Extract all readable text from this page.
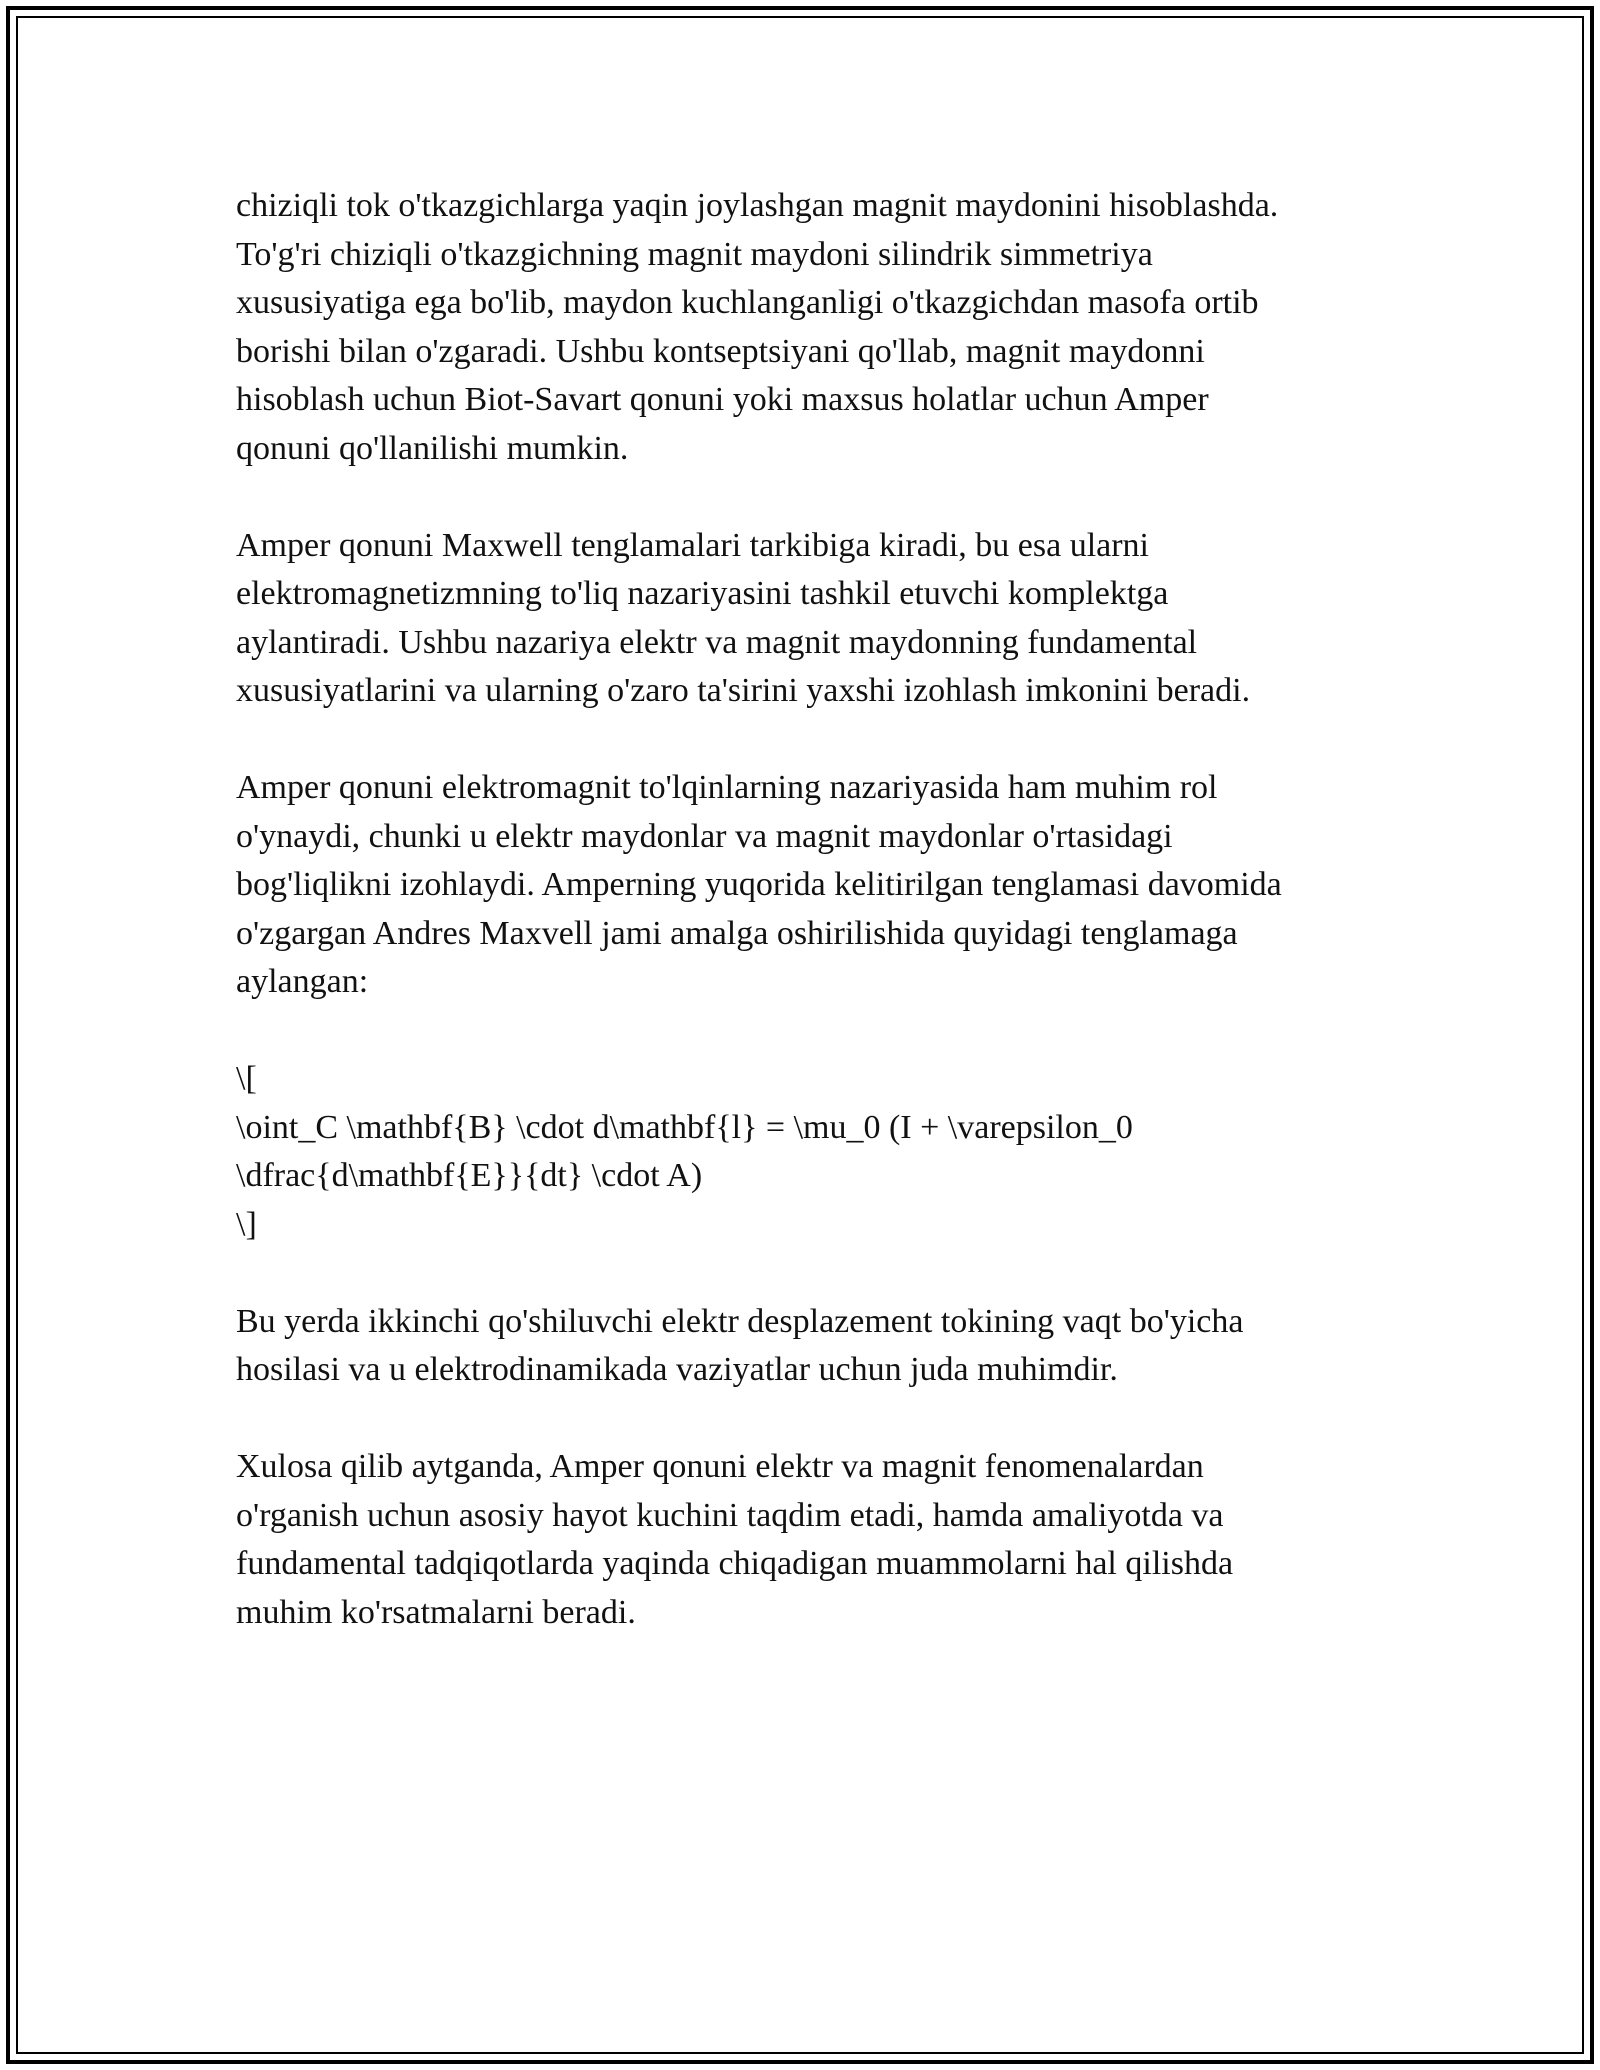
chiziqli tok o'tkazgichlarga yaqin joylashgan magnit maydonini hisoblashda.
To'g'ri chiziqli o'tkazgichning magnit maydoni silindrik simmetriya
xususiyatiga ega bo'lib, maydon kuchlanganligi o'tkazgichdan masofa ortib
borishi bilan o'zgaradi. Ushbu kontseptsiyani qo'llab, magnit maydonni
hisoblash uchun Biot-Savart qonuni yoki maxsus holatlar uchun Amper
qonuni qo'llanilishi mumkin.

Amper qonuni Maxwell tenglamalari tarkibiga kiradi, bu esa ularni
elektromagnetizmning to'liq nazariyasini tashkil etuvchi komplektga
aylantiradi. Ushbu nazariya elektr va magnit maydonning fundamental
xususiyatlarini va ularning o'zaro ta'sirini yaxshi izohlash imkonini beradi.

Amper qonuni elektromagnit to'lqinlarning nazariyasida ham muhim rol
o'ynaydi, chunki u elektr maydonlar va magnit maydonlar o'rtasidagi
bog'liqlikni izohlaydi. Amperning yuqorida kelitirilgan tenglamasi davomida
o'zgargan Andres Maxvell jami amalga oshirilishida quyidagi tenglamaga
aylangan:

\[
\oint_C \mathbf{B} \cdot d\mathbf{l} = \mu_0 (I + \varepsilon_0
\dfrac{d\mathbf{E}}{dt} \cdot A)
\]

Bu yerda ikkinchi qo'shiluvchi elektr desplazement tokining vaqt bo'yicha
hosilasi va u elektrodinamikada vaziyatlar uchun juda muhimdir.

Xulosa qilib aytganda, Amper qonuni elektr va magnit fenomenalardan
o'rganish uchun asosiy hayot kuchini taqdim etadi, hamda amaliyotda va
fundamental tadqiqotlarda yaqinda chiqadigan muammolarni hal qilishda
muhim ko'rsatmalarni beradi.
